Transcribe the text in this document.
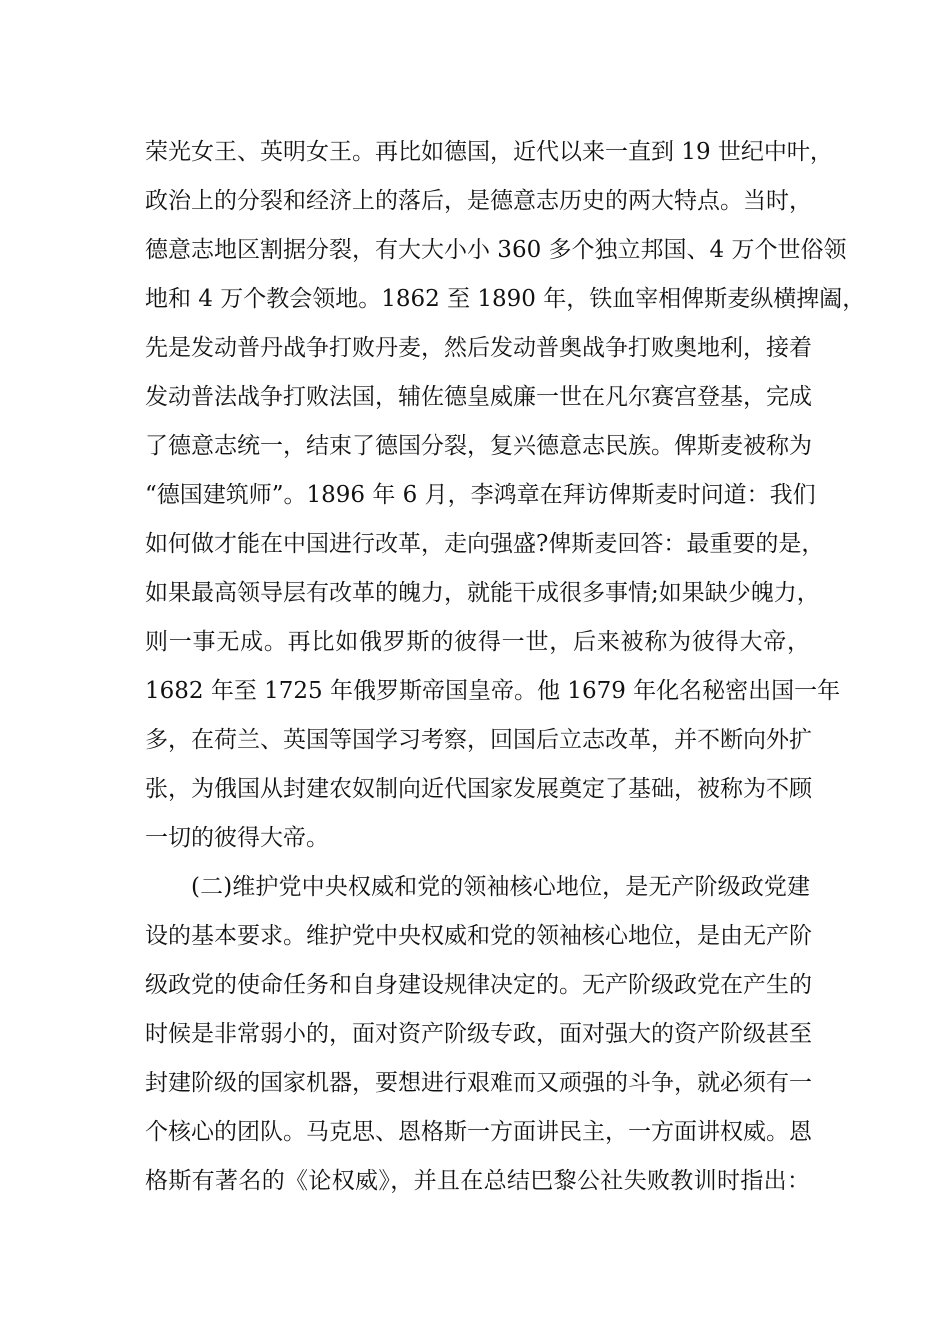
荣光女王、英明女王。再比如德国，近代以来一直到 19 世纪中叶，
政治上的分裂和经济上的落后，是德意志历史的两大特点。当时，
德意志地区割据分裂，有大大小小 360 多个独立邦国、4 万个世俗领
地和 4 万个教会领地。1862 至 1890 年，铁血宰相俾斯麦纵横捭阖，
先是发动普丹战争打败丹麦，然后发动普奥战争打败奥地利，接着
发动普法战争打败法国，辅佐德皇威廉一世在凡尔赛宫登基，完成
了德意志统一，结束了德国分裂，复兴德意志民族。俾斯麦被称为
“德国建筑师”。1896 年 6 月，李鸿章在拜访俾斯麦时问道：我们
如何做才能在中国进行改革，走向强盛?俾斯麦回答：最重要的是，
如果最高领导层有改革的魄力，就能干成很多事情;如果缺少魄力，
则一事无成。再比如俄罗斯的彼得一世，后来被称为彼得大帝，
1682 年至 1725 年俄罗斯帝国皇帝。他 1679 年化名秘密出国一年
多，在荷兰、英国等国学习考察，回国后立志改革，并不断向外扩
张，为俄国从封建农奴制向近代国家发展奠定了基础，被称为不顾
一切的彼得大帝。
(二)维护党中央权威和党的领袖核心地位，是无产阶级政党建
设的基本要求。维护党中央权威和党的领袖核心地位，是由无产阶
级政党的使命任务和自身建设规律决定的。无产阶级政党在产生的
时候是非常弱小的，面对资产阶级专政，面对强大的资产阶级甚至
封建阶级的国家机器，要想进行艰难而又顽强的斗争，就必须有一
个核心的团队。马克思、恩格斯一方面讲民主，一方面讲权威。恩
格斯有著名的《论权威》，并且在总结巴黎公社失败教训时指出：
